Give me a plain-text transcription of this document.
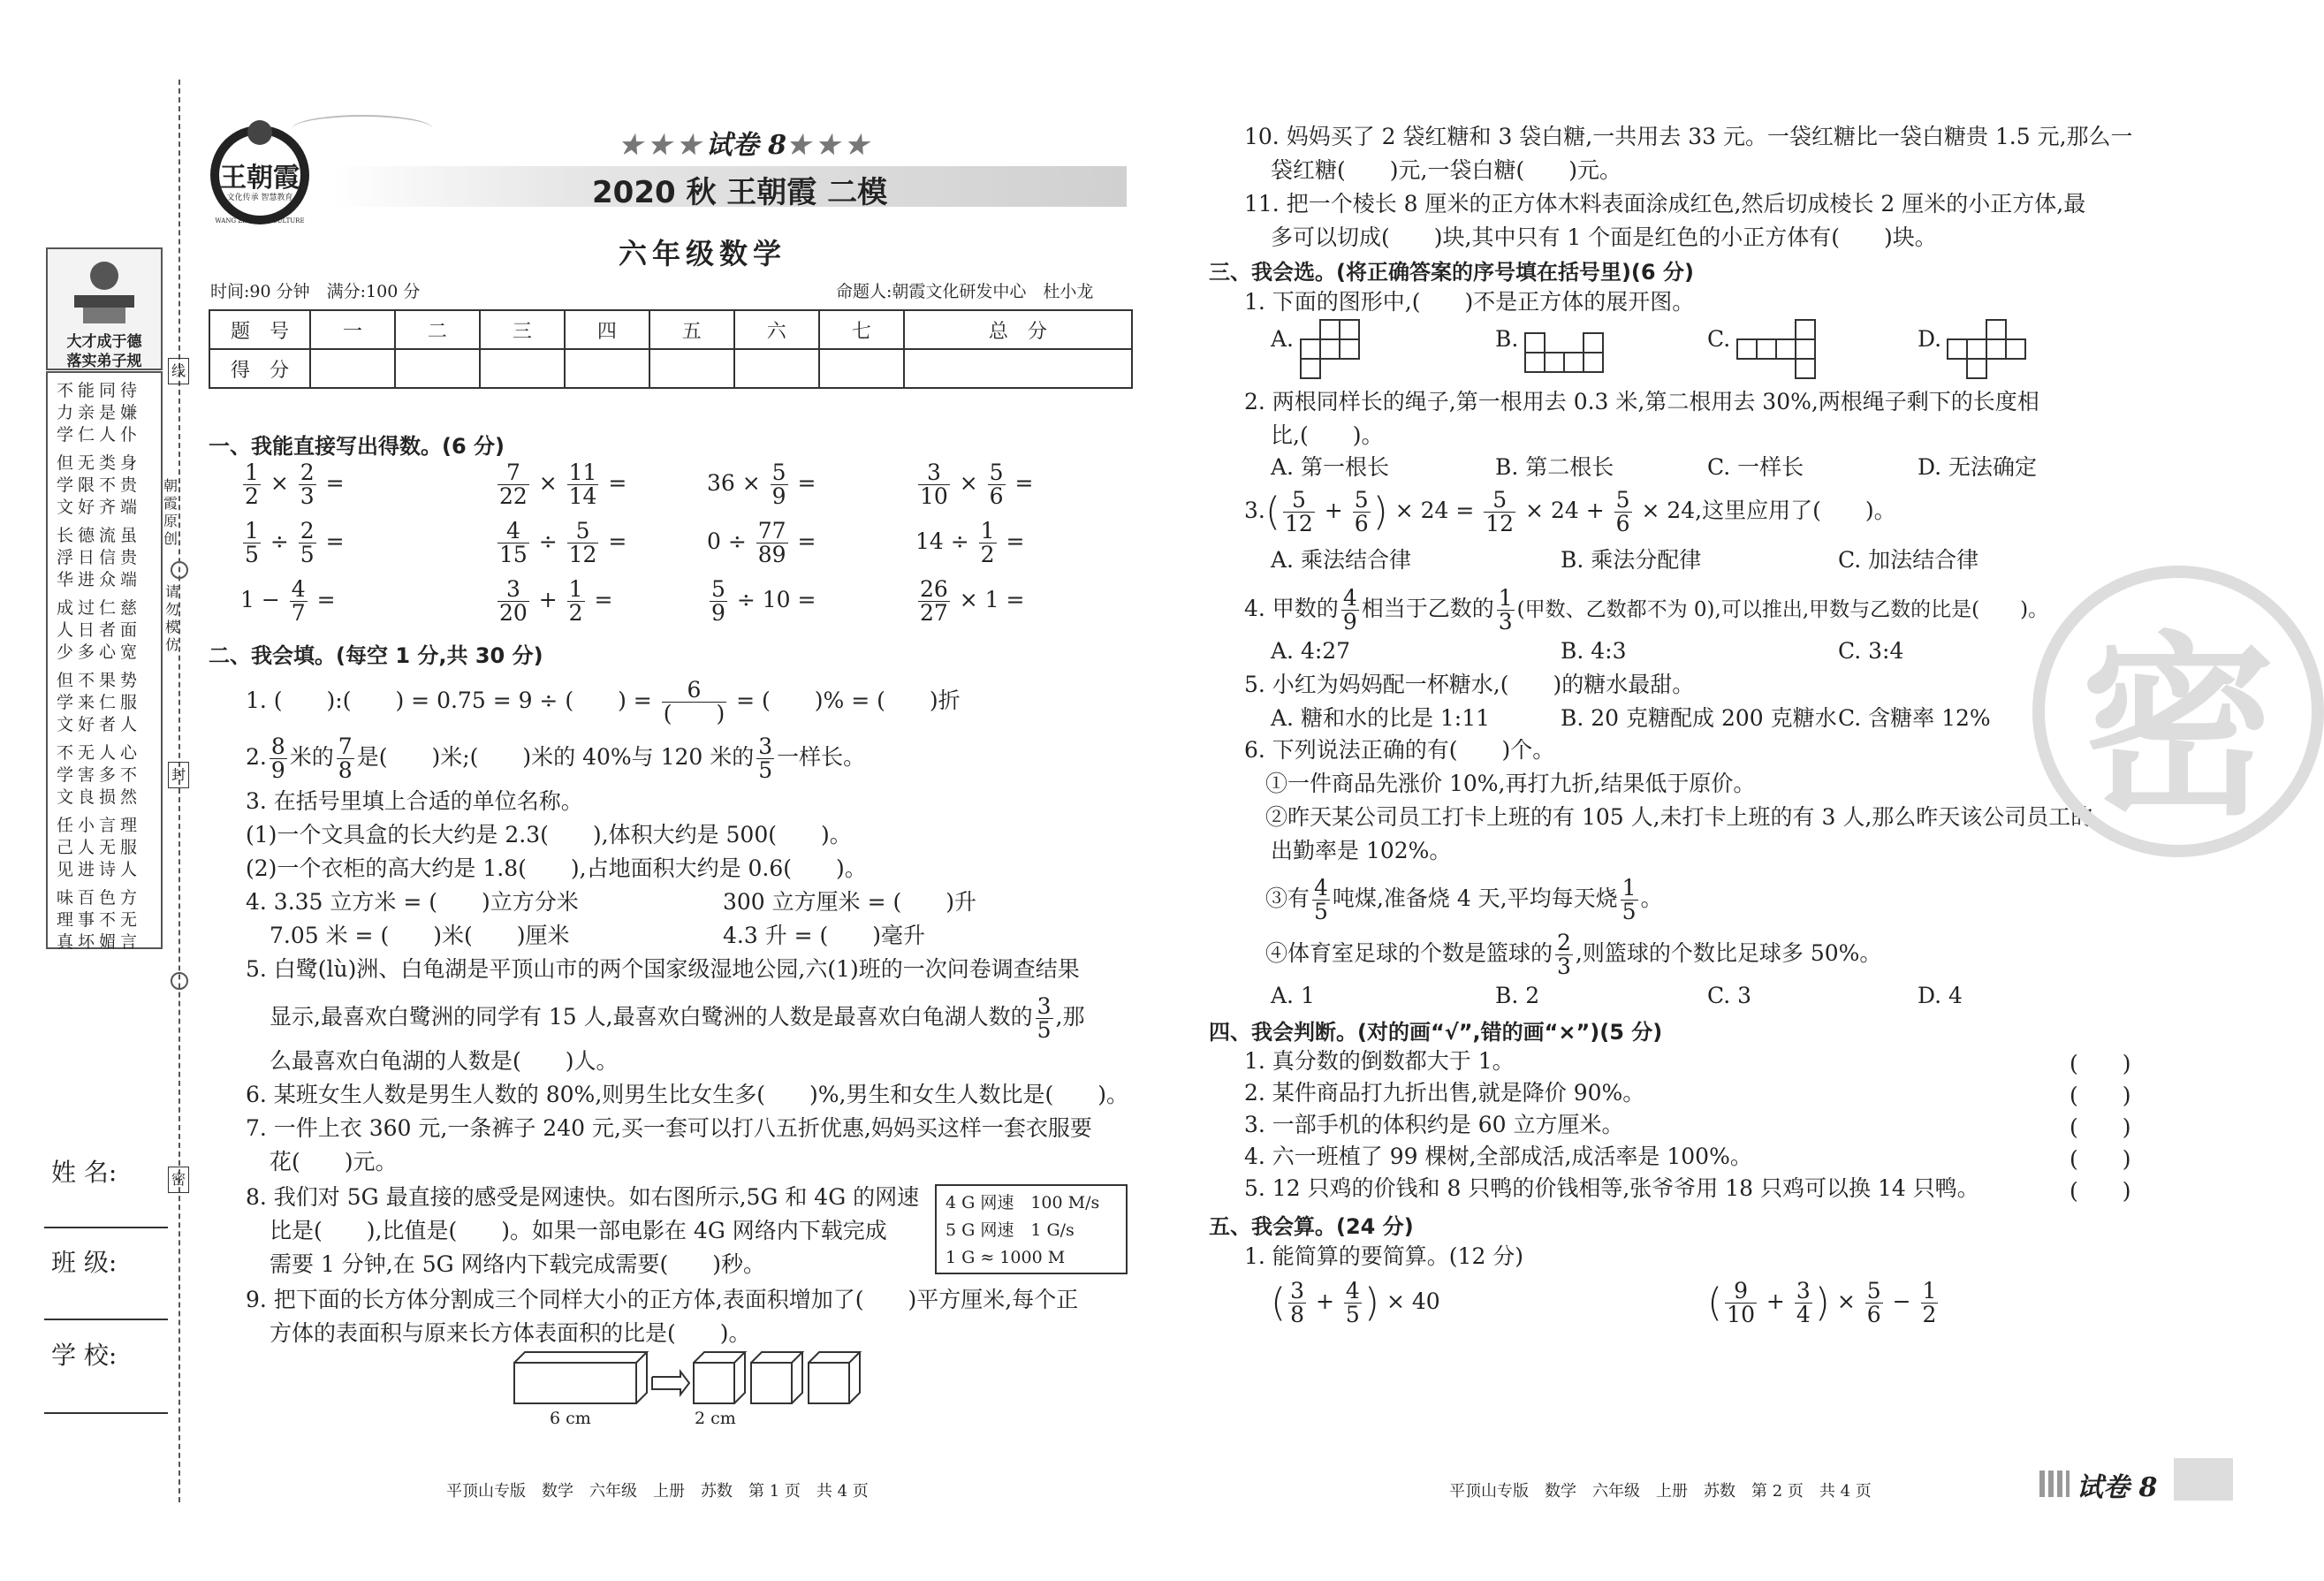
大才成于德
落实弟子规
不能同待
力亲是嫌
学仁人仆
但无类身
学限不贵
文好齐端
长德流虽
浮日信贵
华进众端
成过仁慈
人日者面
少多心宽
但不果势
学来仁服
文好者人
不无人心
学害多不
文良损然
任小言理
己人无服
见进诗人
味百色方
理事不无
真坏媚言
线
朝
霞
原
创
请
勿
模
仿
封
密
姓 名:
班 级:
学 校:
王朝霞
文化传承 智慧教育
WANG ZHAO XIA CULTURE
★★★试卷 8★★★
2020 秋 王朝霞 二模
六年级数学
时间:90 分钟　满分:100 分	命题人:朝霞文化研发中心　杜小龙
题　号	一	二	三	四	五	六	七	总　分
得　分								
一、我能直接写出得数。(6 分)
$\frac{1}{2} \times \frac{2}{3}$ =	$\frac{7}{22} \times \frac{11}{14}$ =	$36 \times \frac{5}{9}$ =	$\frac{3}{10} \times \frac{5}{6}$ =
$\frac{1}{5} \div \frac{2}{5}$ =	$\frac{4}{15} \div \frac{5}{12}$ =	$0 \div \frac{77}{89}$ =	$14 \div \frac{1}{2}$ =
$1 - \frac{4}{7}$ =	$\frac{3}{20} + \frac{1}{2}$ =	$\frac{5}{9} \div 10$ =	$\frac{26}{27} \times 1$ =
二、我会填。(每空 1 分,共 30 分)
1. (　　):(　　) = 0.75 = 9 ÷ (　　) = $\frac{6}{( )}$ = (　　)% = (　　)折
2. $\frac{8}{9}$ 米的 $\frac{7}{8}$ 是(　　)米;(　　)米的 40%与 120 米的 $\frac{3}{5}$ 一样长。
3. 在括号里填上合适的单位名称。
(1)一个文具盒的长大约是 2.3(　　),体积大约是 500(　　)。
(2)一个衣柜的高大约是 1.8(　　),占地面积大约是 0.6(　　)。
4. 3.35 立方米 = (　　)立方分米	300 立方厘米 = (　　)升
7.05 米 = (　　)米(　　)厘米	4.3 升 = (　　)毫升
5. 白鹭(lù)洲、白龟湖是平顶山市的两个国家级湿地公园,六(1)班的一次问卷调查结果
显示,最喜欢白鹭洲的同学有 15 人,最喜欢白鹭洲的人数是最喜欢白龟湖人数的 $\frac{3}{5}$ ,那
么最喜欢白龟湖的人数是(　　)人。
6. 某班女生人数是男生人数的 80%,则男生比女生多(　　)%,男生和女生人数比是(　　)。
7. 一件上衣 360 元,一条裤子 240 元,买一套可以打八五折优惠,妈妈买这样一套衣服要
花(　　)元。
8. 我们对 5G 最直接的感受是网速快。如右图所示,5G 和 4G 的网速
比是(　　),比值是(　　)。如果一部电影在 4G 网络内下载完成
需要 1 分钟,在 5G 网络内下载完成需要(　　)秒。
4 G 网速　100 M/s
5 G 网速　1 G/s
1 G ≈ 1000 M
9. 把下面的长方体分割成三个同样大小的正方体,表面积增加了(　　)平方厘米,每个正
方体的表面积与原来长方体表面积的比是(　　)。
6 cm	2 cm
10. 妈妈买了 2 袋红糖和 3 袋白糖,一共用去 33 元。一袋红糖比一袋白糖贵 1.5 元,那么一
袋红糖(　　)元,一袋白糖(　　)元。
11. 把一个棱长 8 厘米的正方体木料表面涂成红色,然后切成棱长 2 厘米的小正方体,最
多可以切成(　　)块,其中只有 1 个面是红色的小正方体有(　　)块。
三、我会选。(将正确答案的序号填在括号里)(6 分)
1. 下面的图形中,(　　)不是正方体的展开图。
A.	B.	C.	D.
2. 两根同样长的绳子,第一根用去 0.3 米,第二根用去 30%,两根绳子剩下的长度相
比,(　　)。
A. 第一根长	B. 第二根长	C. 一样长	D. 无法确定
$3.( \frac{5}{12} + \frac{5}{6}$ ) × $24 = \frac{5}{12} \times 24 + \frac{5}{6} \times 24$,这里应用了(　　)。
A. 乘法结合律	B. 乘法分配律	C. 加法结合律
4. 甲数的 $\frac{4}{9}$ 相当于乙数的 $\frac{1}{3}$ (甲数、乙数都不为 0),可以推出,甲数与乙数的比是(　　)。
A. 4:27	B. 4:3	C. 3:4
5. 小红为妈妈配一杯糖水,(　　)的糖水最甜。
A. 糖和水的比是 1:11	B. 20 克糖配成 200 克糖水 C. 含糖率 12%
6. 下列说法正确的有(　　)个。
①一件商品先涨价 10%,再打九折,结果低于原价。
②昨天某公司员工打卡上班的有 105 人,未打卡上班的有 3 人,那么昨天该公司员工的
出勤率是 102%。
③有 $\frac{4}{5}$ 吨煤,准备烧 4 天,平均每天烧 $\frac{1}{5}$ 。
④体育室足球的个数是篮球的 $\frac{2}{3}$ ,则篮球的个数比足球多 50%。
A. 1	B. 2	C. 3	D. 4
密
四、我会判断。(对的画“√”,错的画“×”)(5 分)
1. 真分数的倒数都大于 1。
2. 某件商品打九折出售,就是降价 90%。
3. 一部手机的体积约是 60 立方厘米。
4. 六一班植了 99 棵树,全部成活,成活率是 100%。
5. 12 只鸡的价钱和 8 只鸭的价钱相等,张爷爷用 18 只鸡可以换 14 只鸭。
(　　)
(　　)
(　　)
(　　)
(　　)
五、我会算。(24 分)
1. 能简算的要简算。(12 分)
( $\frac{3}{8} + \frac{4}{5}$ ) × 40	( $\frac{9}{10} + \frac{3}{4}$ ) × $\frac{5}{6} - \frac{1}{2}$
平顶山专版　数学　六年级　上册　苏数　第 1 页　共 4 页	平顶山专版　数学　六年级　上册　苏数　第 2 页　共 4 页	试卷 8
